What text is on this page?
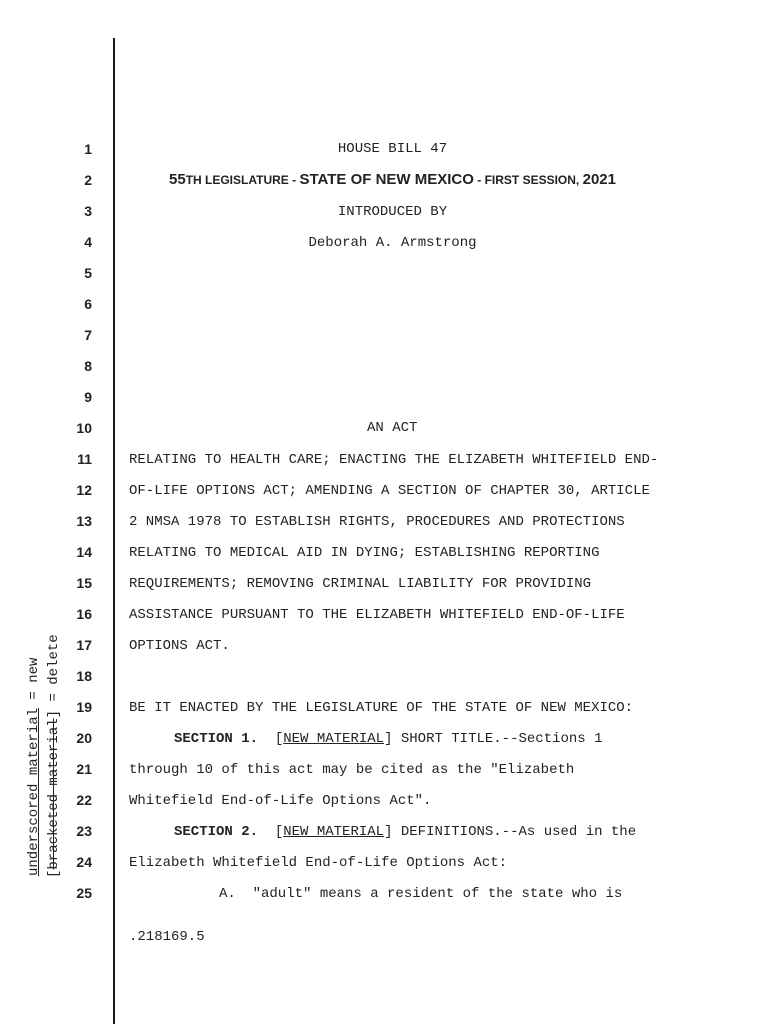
1
2
3
4
5
6
7
8
9
10
11
12
13
14
15
16
17
18
19
20
21
22
23
24
25
HOUSE BILL 47
55TH LEGISLATURE - STATE OF NEW MEXICO - FIRST SESSION, 2021
INTRODUCED BY
Deborah A. Armstrong
AN ACT
RELATING TO HEALTH CARE; ENACTING THE ELIZABETH WHITEFIELD END-
OF-LIFE OPTIONS ACT; AMENDING A SECTION OF CHAPTER 30, ARTICLE
2 NMSA 1978 TO ESTABLISH RIGHTS, PROCEDURES AND PROTECTIONS
RELATING TO MEDICAL AID IN DYING; ESTABLISHING REPORTING
REQUIREMENTS; REMOVING CRIMINAL LIABILITY FOR PROVIDING
ASSISTANCE PURSUANT TO THE ELIZABETH WHITEFIELD END-OF-LIFE
OPTIONS ACT.
BE IT ENACTED BY THE LEGISLATURE OF THE STATE OF NEW MEXICO:
SECTION 1. [NEW MATERIAL] SHORT TITLE.--Sections 1
through 10 of this act may be cited as the "Elizabeth
Whitefield End-of-Life Options Act".
SECTION 2. [NEW MATERIAL] DEFINITIONS.--As used in the
Elizabeth Whitefield End-of-Life Options Act:
A.  "adult" means a resident of the state who is
.218169.5
underscored material = new
[bracketed material] = delete
